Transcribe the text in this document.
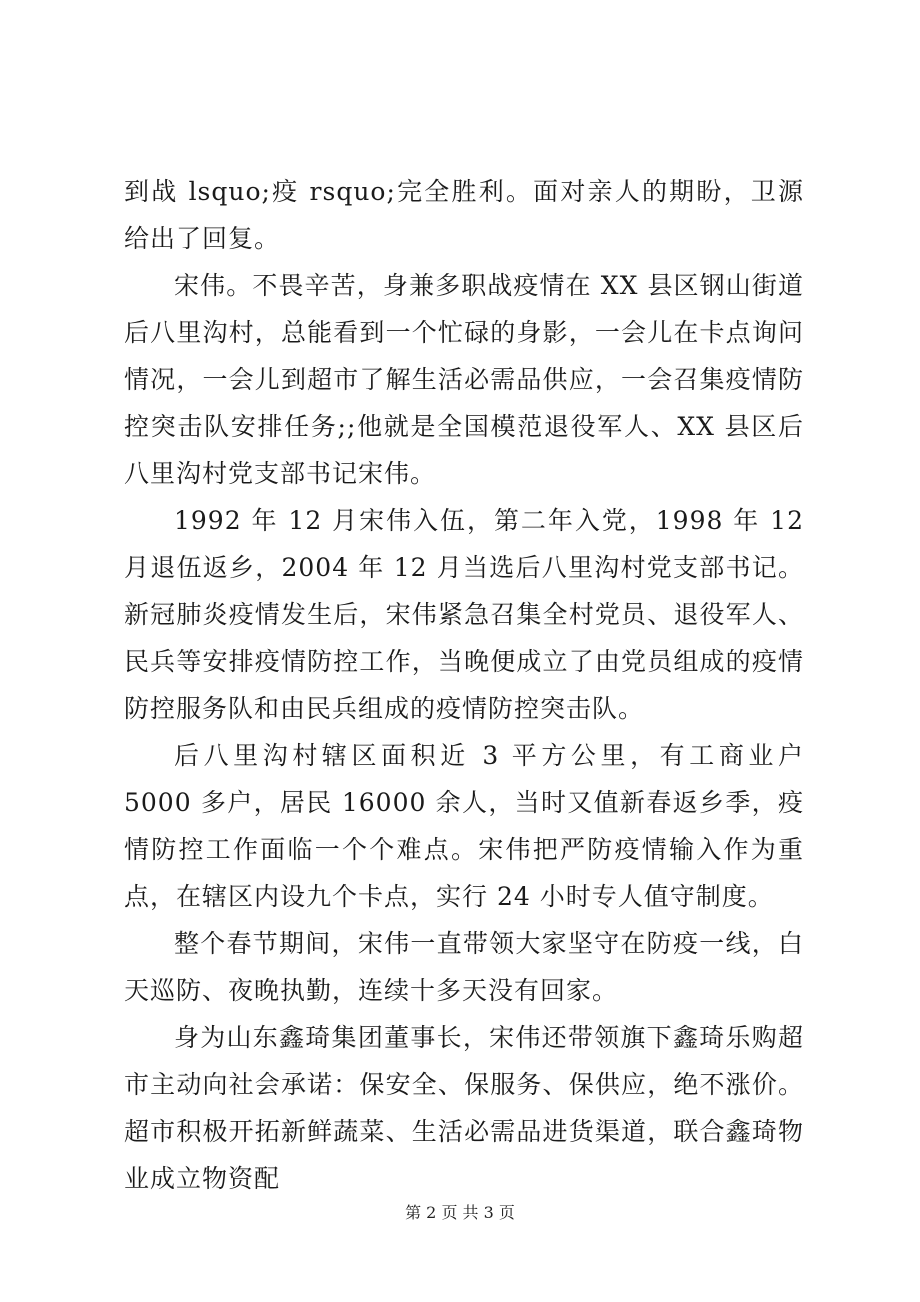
到战 lsquo;疫 rsquo;完全胜利。面对亲人的期盼，卫源给出了回复。

宋伟。不畏辛苦，身兼多职战疫情在 XX 县区钢山街道后八里沟村，总能看到一个忙碌的身影，一会儿在卡点询问情况，一会儿到超市了解生活必需品供应，一会召集疫情防控突击队安排任务;;他就是全国模范退役军人、XX 县区后八里沟村党支部书记宋伟。

1992 年 12 月宋伟入伍，第二年入党，1998 年 12 月退伍返乡，2004 年 12 月当选后八里沟村党支部书记。新冠肺炎疫情发生后，宋伟紧急召集全村党员、退役军人、民兵等安排疫情防控工作，当晚便成立了由党员组成的疫情防控服务队和由民兵组成的疫情防控突击队。

后八里沟村辖区面积近 3 平方公里，有工商业户 5000 多户，居民 16000 余人，当时又值新春返乡季，疫情防控工作面临一个个难点。宋伟把严防疫情输入作为重点，在辖区内设九个卡点，实行 24 小时专人值守制度。

整个春节期间，宋伟一直带领大家坚守在防疫一线，白天巡防、夜晚执勤，连续十多天没有回家。

身为山东鑫琦集团董事长，宋伟还带领旗下鑫琦乐购超市主动向社会承诺：保安全、保服务、保供应，绝不涨价。超市积极开拓新鲜蔬菜、生活必需品进货渠道，联合鑫琦物业成立物资配

第 2 页 共 3 页
